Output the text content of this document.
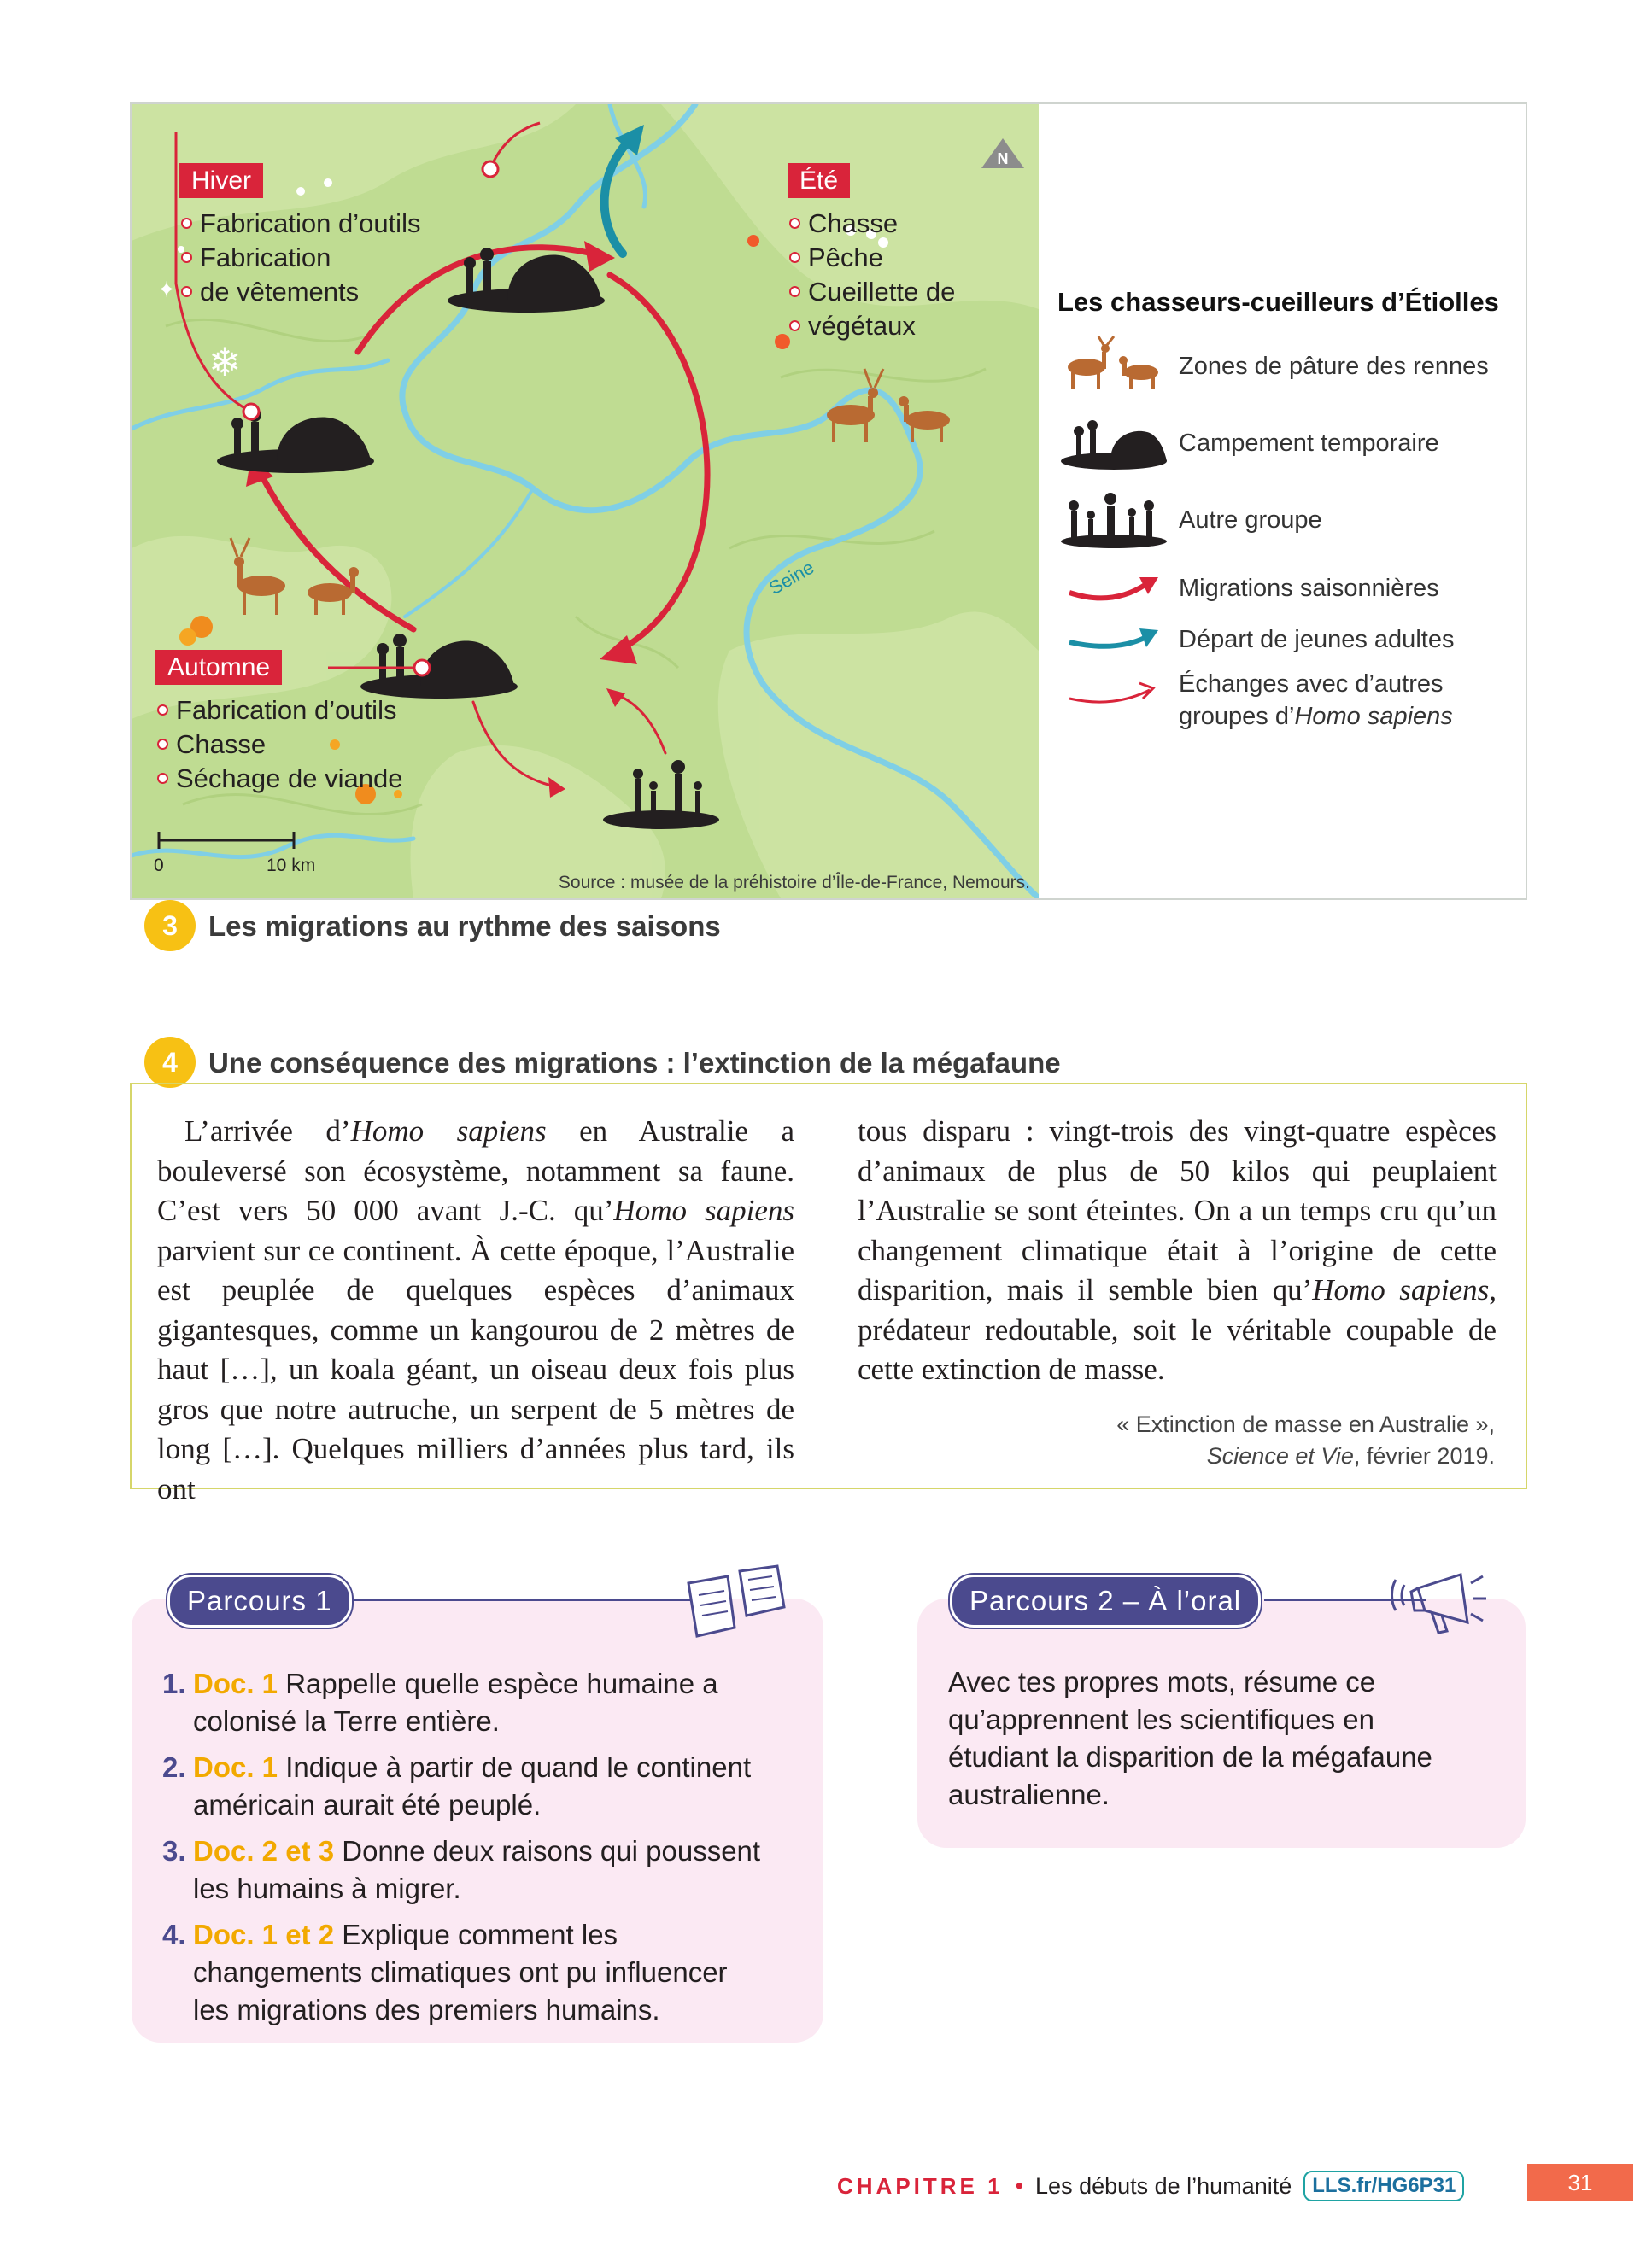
N
Seine
❄
✦
Hiver
Fabrication d’outils
Fabrication
de vêtements
Été
Chasse
Pêche
Cueillette de
végétaux
Automne
Fabrication d’outils
Chasse
Séchage de viande
0	10 km
Source : musée de la préhistoire d’Île-de-France, Nemours.
Les chasseurs-cueilleurs d’Étiolles
Zones de pâture des rennes
Campement temporaire
Autre groupe
Migrations saisonnières
Départ de jeunes adultes
Échanges avec d’autres
groupes d’Homo sapiens
3	Les migrations au rythme des saisons
4	Une conséquence des migrations : l’extinction de la mégafaune
L’arrivée d’Homo sapiens en Australie a bouleversé son écosystème, notamment sa faune. C’est vers 50 000 avant J.-C. qu’Homo sapiens parvient sur ce continent. À cette époque, l’Australie est peuplée de quelques espèces d’animaux gigantesques, comme un kangourou de 2 mètres de haut […], un koala géant, un oiseau deux fois plus gros que notre autruche, un serpent de 5 mètres de long […]. Quelques milliers d’années plus tard, ils ont
tous disparu : vingt-trois des vingt-quatre espèces d’animaux de plus de 50 kilos qui peuplaient l’Australie se sont éteintes. On a un temps cru qu’un changement climatique était à l’origine de cette disparition, mais il semble bien qu’Homo sapiens, prédateur redoutable, soit le véritable coupable de cette extinction de masse.
« Extinction de masse en Australie »,
Science et Vie, février 2019.
Parcours 1
1. Doc. 1 Rappelle quelle espèce humaine a
colonisé la Terre entière.
2. Doc. 1 Indique à partir de quand le continent
américain aurait été peuplé.
3. Doc. 2 et 3 Donne deux raisons qui poussent
les humains à migrer.
4. Doc. 1 et 2 Explique comment les
changements climatiques ont pu influencer
les migrations des premiers humains.
Parcours 2 – À l’oral
Avec tes propres mots, résume ce
qu’apprennent les scientifiques en
étudiant la disparition de la mégafaune
australienne.
CHAPITRE 1 • Les débuts de l’humanité	LLS.fr/HG6P31	31
